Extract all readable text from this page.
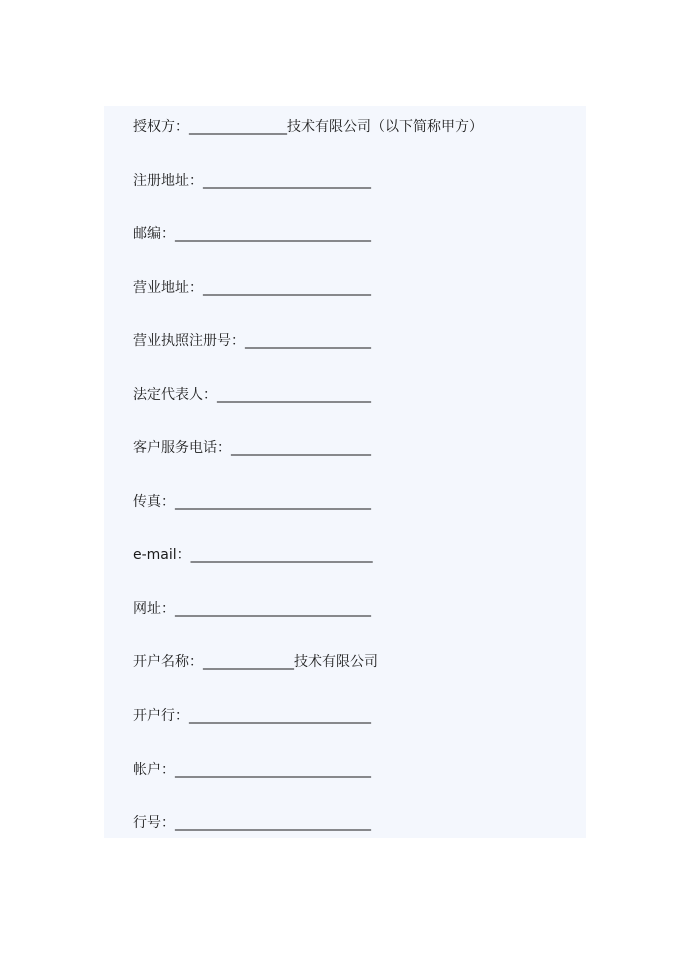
授权方：______________技术有限公司（以下简称甲方）
注册地址：________________________
邮编：____________________________
营业地址：________________________
营业执照注册号：__________________
法定代表人：______________________
客户服务电话：____________________
传真：____________________________
e-mail：__________________________
网址：____________________________
开户名称：_____________技术有限公司
开户行：__________________________
帐户：____________________________
行号：____________________________
